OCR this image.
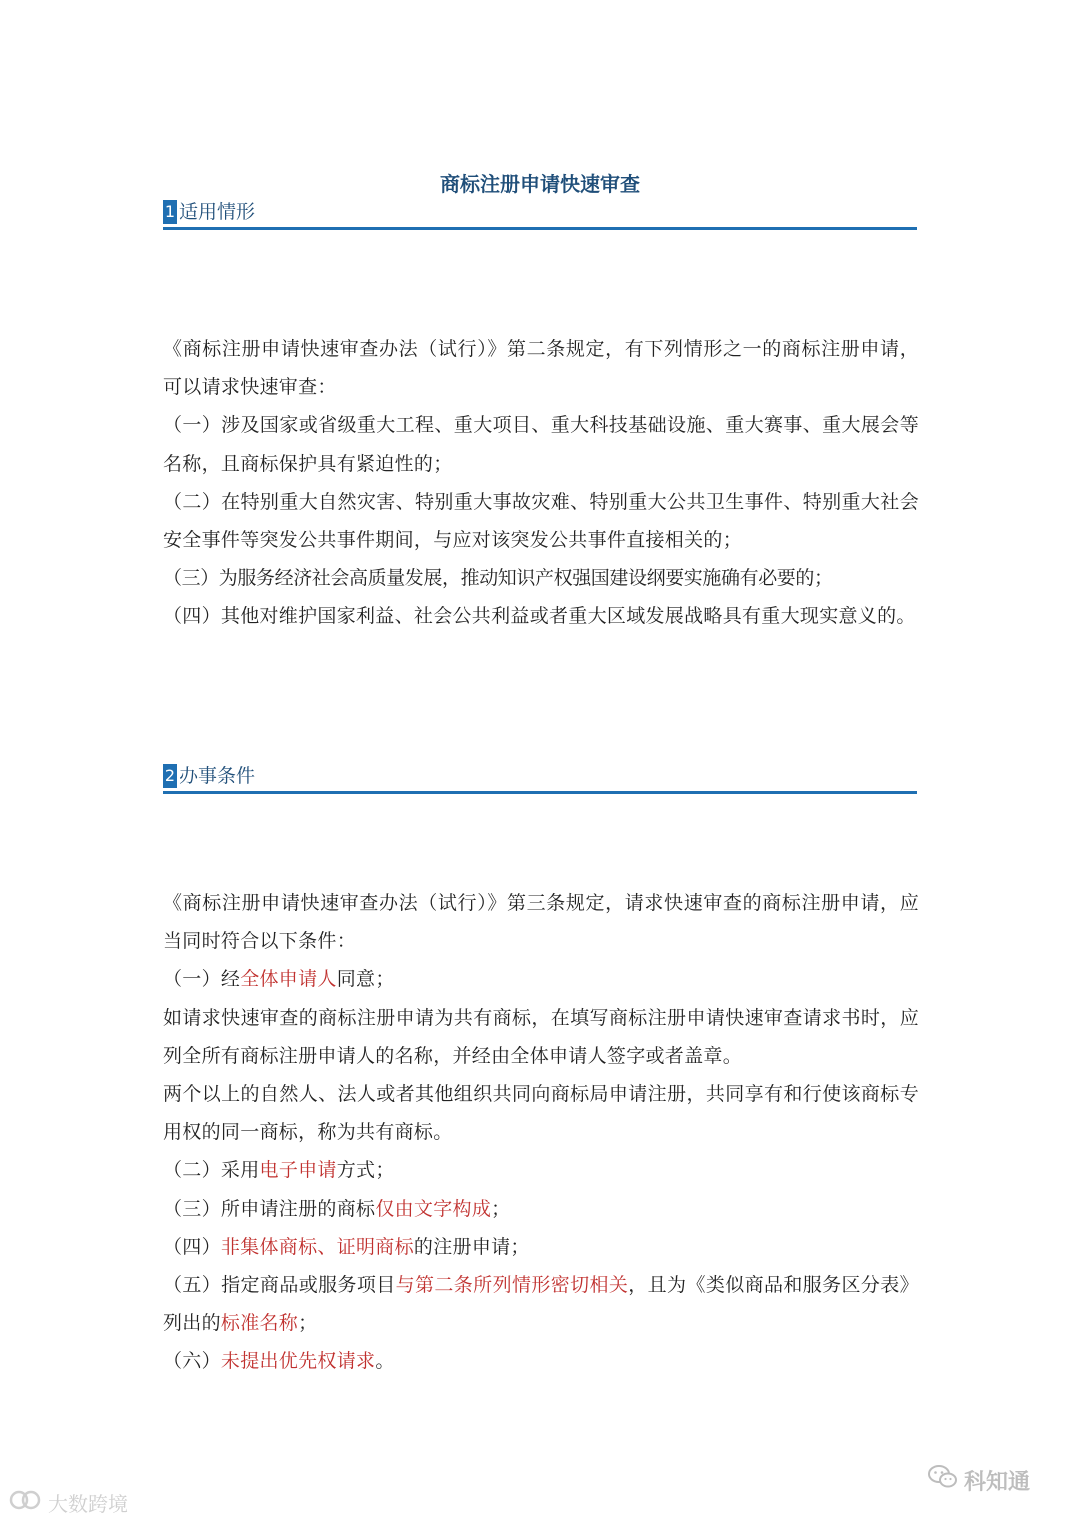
商标注册申请快速审查
1 适用情形

《商标注册申请快速审查办法（试行）》第二条规定，有下列情形之一的商标注册申请，可以请求快速审查：

（一）涉及国家或省级重大工程、重大项目、重大科技基础设施、重大赛事、重大展会等名称，且商标保护具有紧迫性的；

（二）在特别重大自然灾害、特别重大事故灾难、特别重大公共卫生事件、特别重大社会安全事件等突发公共事件期间，与应对该突发公共事件直接相关的；

（三）为服务经济社会高质量发展，推动知识产权强国建设纲要实施确有必要的；

（四）其他对维护国家利益、社会公共利益或者重大区域发展战略具有重大现实意义的。

2 办事条件

《商标注册申请快速审查办法（试行）》第三条规定，请求快速审查的商标注册申请，应当同时符合以下条件：

（一）经全体申请人同意；

如请求快速审查的商标注册申请为共有商标，在填写商标注册申请快速审查请求书时，应列全所有商标注册申请人的名称，并经由全体申请人签字或者盖章。

两个以上的自然人、法人或者其他组织共同向商标局申请注册，共同享有和行使该商标专用权的同一商标，称为共有商标。

（二）采用电子申请方式；

（三）所申请注册的商标仅由文字构成；

（四）非集体商标、证明商标的注册申请；

（五）指定商品或服务项目与第二条所列情形密切相关，且为《类似商品和服务区分表》列出的标准名称；

（六）未提出优先权请求。

科知通
大数跨境
